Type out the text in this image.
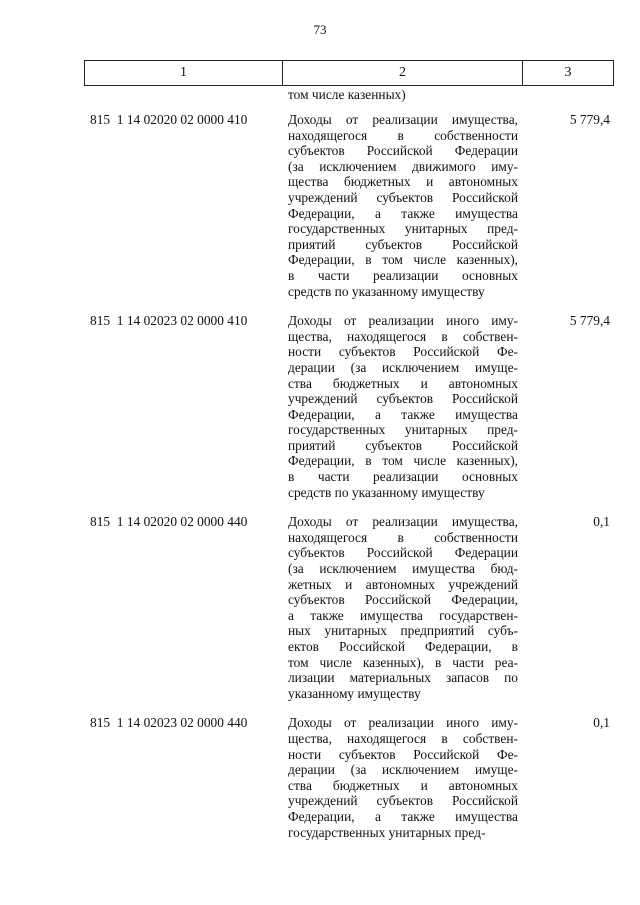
73
1	2	3
том числе казенных)
815  1 14 02020 02 0000 410	Доходы от реализации имущества,
находящегося в собственности
субъектов Российской Федерации
(за исключением движимого иму-
щества бюджетных и автономных
учреждений субъектов Российской
Федерации, а также имущества
государственных унитарных пред-
приятий субъектов Российской
Федерации, в том числе казенных),
в части реализации основных
средств по указанному имуществу
5 779,4
815  1 14 02023 02 0000 410	Доходы от реализации иного иму-
щества, находящегося в собствен-
ности субъектов Российской Фе-
дерации (за исключением имуще-
ства бюджетных и автономных
учреждений субъектов Российской
Федерации, а также имущества
государственных унитарных пред-
приятий субъектов Российской
Федерации, в том числе казенных),
в части реализации основных
средств по указанному имуществу
5 779,4
815  1 14 02020 02 0000 440	Доходы от реализации имущества,
находящегося в собственности
субъектов Российской Федерации
(за исключением имущества бюд-
жетных и автономных учреждений
субъектов Российской Федерации,
а также имущества государствен-
ных унитарных предприятий субъ-
ектов Российской Федерации, в
том числе казенных), в части реа-
лизации материальных запасов по
указанному имуществу
0,1
815  1 14 02023 02 0000 440	Доходы от реализации иного иму-
щества, находящегося в собствен-
ности субъектов Российской Фе-
дерации (за исключением имуще-
ства бюджетных и автономных
учреждений субъектов Российской
Федерации, а также имущества
государственных унитарных пред-
0,1
